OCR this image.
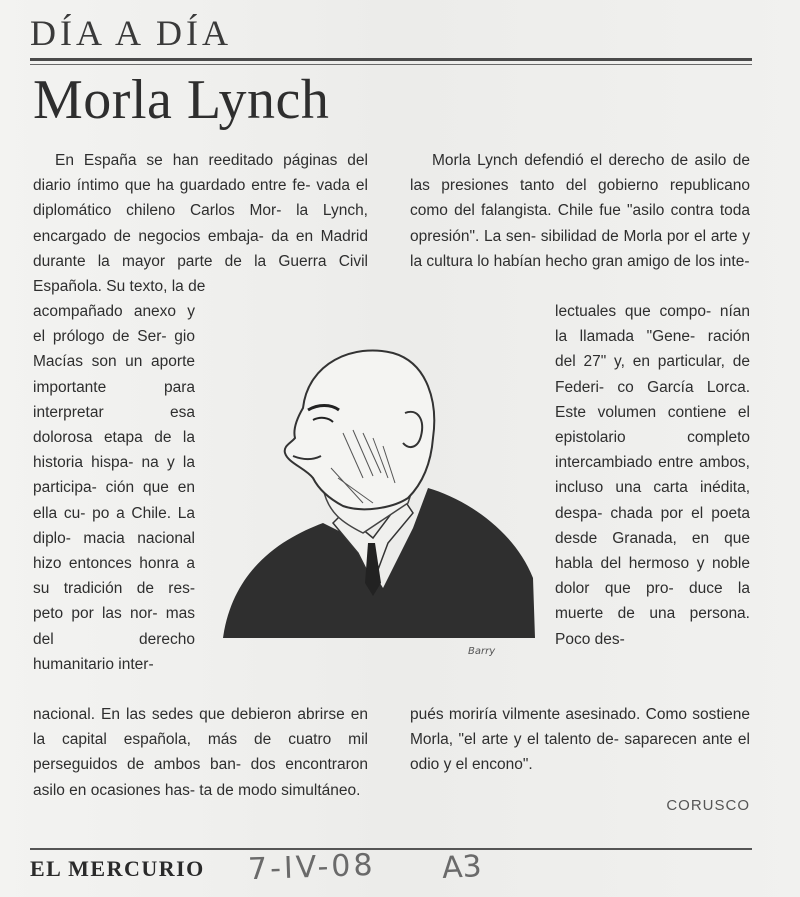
DÍA A DÍA
Morla Lynch

En España se han reeditado páginas del diario íntimo que ha guardado entre fe- vada el diplomático chileno Carlos Mor- la Lynch, encargado de negocios embaja- da en Madrid durante la mayor parte de la Guerra Civil Española. Su texto, la de

acompañado anexo y el prólogo de Ser- gio Macías son un aporte importante para interpretar esa dolorosa etapa de la historia hispa- na y la participa- ción que en ella cu- po a Chile. La diplo- macia nacional hizo entonces honra a su tradición de res- peto por las nor- mas del derecho humanitario inter-

nacional. En las sedes que debieron abrirse en la capital española, más de cuatro mil perseguidos de ambos ban- dos encontraron asilo en ocasiones has- ta de modo simultáneo.

Morla Lynch defendió el derecho de asilo de las presiones tanto del gobierno republicano como del falangista. Chile fue "asilo contra toda opresión". La sen- sibilidad de Morla por el arte y la cultura lo habían hecho gran amigo de los inte-

lectuales que compo- nían la llamada "Gene- ración del 27" y, en particular, de Federi- co García Lorca. Este volumen contiene el epistolario completo intercambiado entre ambos, incluso una carta inédita, despa- chada por el poeta desde Granada, en que habla del hermoso y noble dolor que pro- duce la muerte de una persona. Poco des-

pués moriría vilmente asesinado. Como sostiene Morla, "el arte y el talento de- saparecen ante el odio y el encono".

Barry
CORUSCO
EL MERCURIO 7-IV-08 A3
